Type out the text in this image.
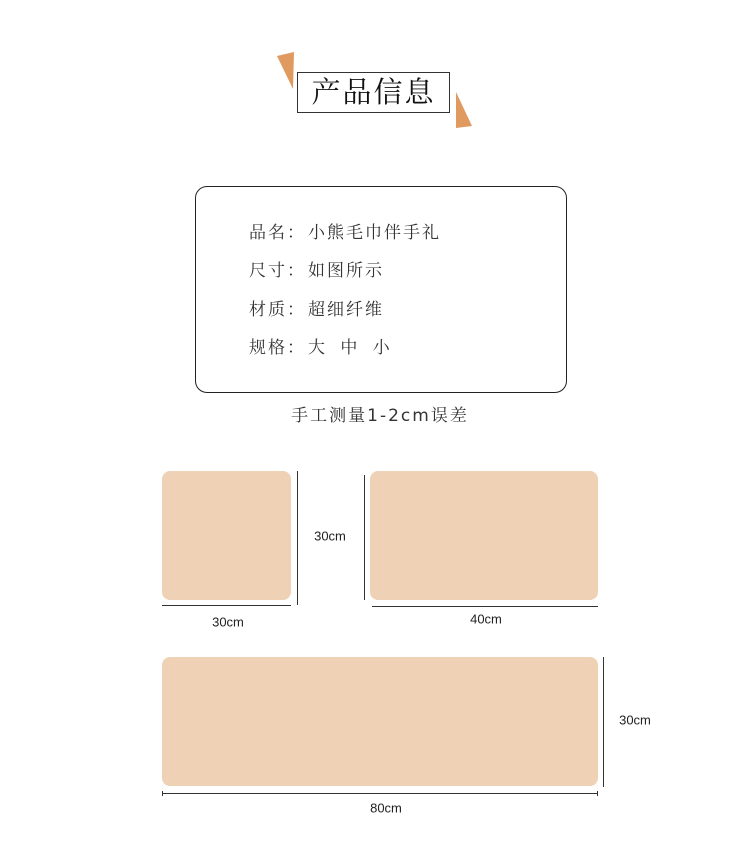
产品信息
品名： 小熊毛巾伴手礼
尺寸： 如图所示
材质： 超细纤维
规格： 大 中 小
手工测量1-2cm误差
30cm
30cm
40cm
30cm
80cm
